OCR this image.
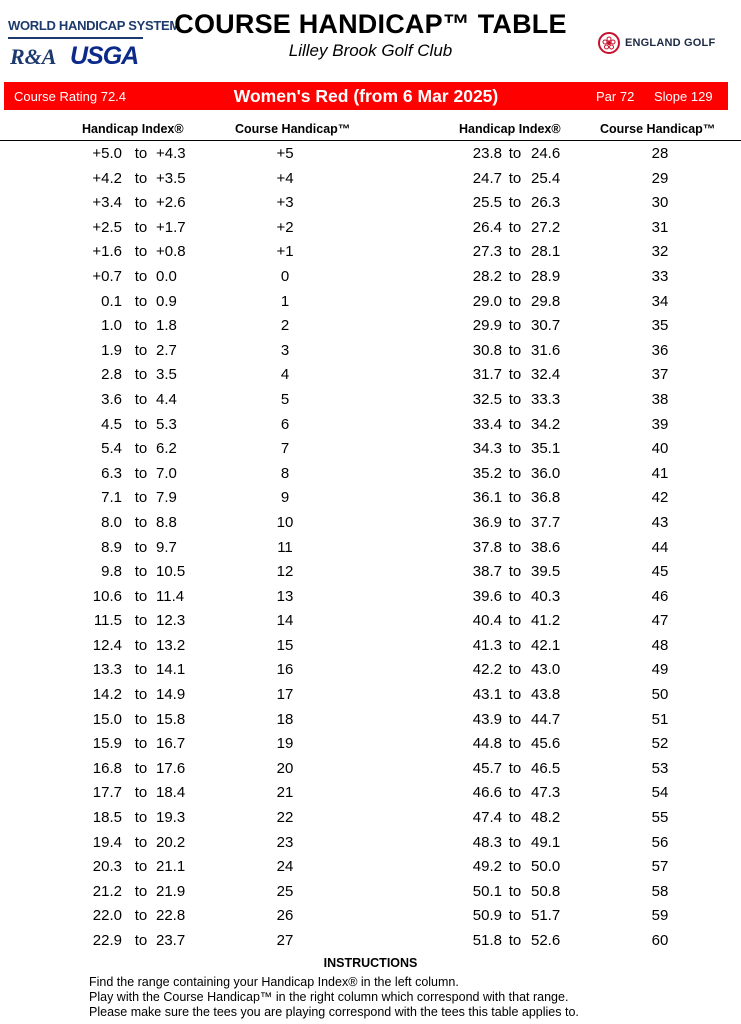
WORLD HANDICAP SYSTEM
R&A USGA
COURSE HANDICAP™ TABLE
Lilley Brook Golf Club	ENGLAND GOLF
Course Rating 72.4	Women's Red (from 6 Mar 2025)	Par 72 Slope 129
Handicap Index®	Course Handicap™	Handicap Index®	Course Handicap™
+5.0 to +4.3	+5	23.8 to 24.6	28
+4.2 to +3.5	+4	24.7 to 25.4	29
+3.4 to +2.6	+3	25.5 to 26.3	30
+2.5 to +1.7	+2	26.4 to 27.2	31
+1.6 to +0.8	+1	27.3 to 28.1	32
+0.7 to 0.0	0	28.2 to 28.9	33
0.1 to 0.9	1	29.0 to 29.8	34
1.0 to 1.8	2	29.9 to 30.7	35
1.9 to 2.7	3	30.8 to 31.6	36
2.8 to 3.5	4	31.7 to 32.4	37
3.6 to 4.4	5	32.5 to 33.3	38
4.5 to 5.3	6	33.4 to 34.2	39
5.4 to 6.2	7	34.3 to 35.1	40
6.3 to 7.0	8	35.2 to 36.0	41
7.1 to 7.9	9	36.1 to 36.8	42
8.0 to 8.8	10	36.9 to 37.7	43
8.9 to 9.7	11	37.8 to 38.6	44
9.8 to 10.5	12	38.7 to 39.5	45
10.6 to 11.4	13	39.6 to 40.3	46
11.5 to 12.3	14	40.4 to 41.2	47
12.4 to 13.2	15	41.3 to 42.1	48
13.3 to 14.1	16	42.2 to 43.0	49
14.2 to 14.9	17	43.1 to 43.8	50
15.0 to 15.8	18	43.9 to 44.7	51
15.9 to 16.7	19	44.8 to 45.6	52
16.8 to 17.6	20	45.7 to 46.5	53
17.7 to 18.4	21	46.6 to 47.3	54
18.5 to 19.3	22	47.4 to 48.2	55
19.4 to 20.2	23	48.3 to 49.1	56
20.3 to 21.1	24	49.2 to 50.0	57
21.2 to 21.9	25	50.1 to 50.8	58
22.0 to 22.8	26	50.9 to 51.7	59
22.9 to 23.7	27	51.8 to 52.6	60
INSTRUCTIONS
Find the range containing your Handicap Index® in the left column.
Play with the Course Handicap™ in the right column which correspond with that range.
Please make sure the tees you are playing correspond with the tees this table applies to.
